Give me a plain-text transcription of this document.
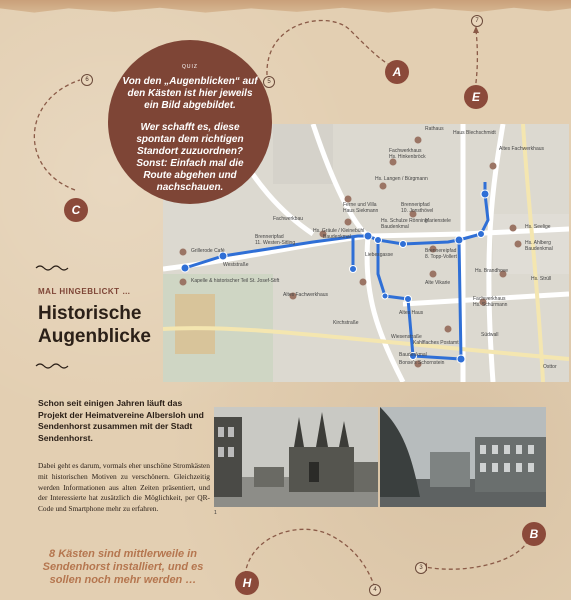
6	5
7
4
3
A
E
C
B
H
Rathaus
Haus Blechschmidt
Fachwerkhaus
Hs. Hinkenbröck
Altes Fachwerkhaus
Hs. Langen / Bürgmann
Ferne und Villa
Haus Siekmann
Brenneripfad
10. Jonsthövel
Hs. Schulze Rönning
Baudenkmal
Hs. Gräule / Kleinebühl
Baudenkmal
Fachwerkbau
Brenneripfad
11. Westen-Sitling
Marienstele
Brennereipfad
8. Topp-Vollert
Liebesgasse
Alte Vikarie
Hs. Seelige
Hs. Ahlberg
Baudenkmal
Hs. Brandhove
Hs. Strüll
Grillerode Café
Kapelle & historischer Teil St. Josef-Stift
Altes Fachwerkhaus
Fachwerkhaus
Hs. Schürmann
Altes Haus
Kirchstraße
Wiesenstraße
Kahlflaches Postamt
Baudenkmal
Bonse's Schornstein
Südwall
Weststraße
Osttor
QUIZ
Von den „Augenblicken“ auf den Kästen ist hier jeweils ein Bild abgebildet.
Wer schafft es, diese spontan dem richtigen Standort zuzuordnen? Sonst: Einfach mal die Route abgehen und nachschauen.
MAL HINGEBLICKT …
Historische
Augenblicke
Schon seit einigen Jahren läuft das Projekt der Heimatvereine Albersloh und Sendenhorst zusammen mit der Stadt Sendenhorst.
Dabei geht es darum, vormals eher unschöne Stromkästen mit historischen Motiven zu verschönern. Gleichzeitig werden Informationen aus alten Zeiten präsentiert, und der Interessierte hat zusätzlich die Möglichkeit, per QR-Code und Smartphone mehr zu erfahren.
8 Kästen sind mittlerweile in Sendenhorst installiert, und es sollen noch mehr werden …
1
